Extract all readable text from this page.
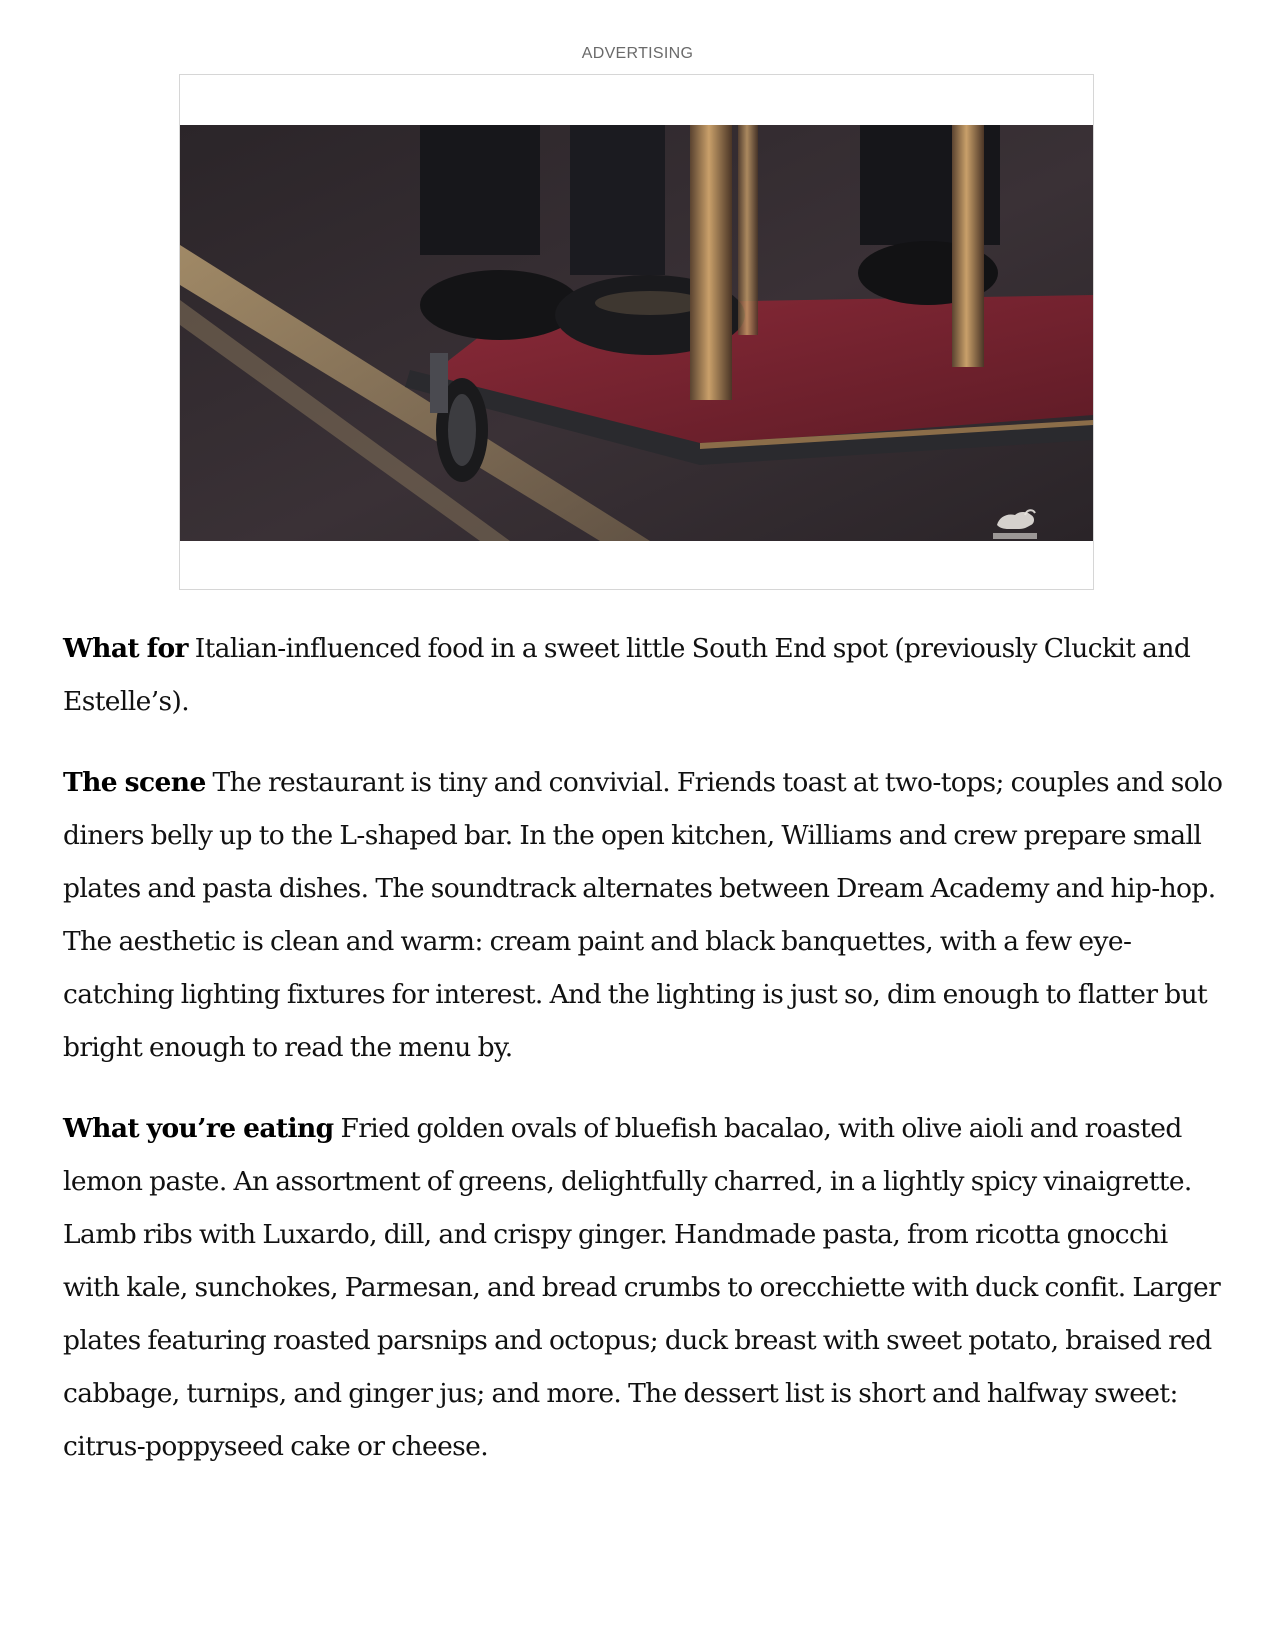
ADVERTISING

What for Italian-influenced food in a sweet little South End spot (previously Cluckit and Estelle’s).

The scene The restaurant is tiny and convivial. Friends toast at two-tops; couples and solo diners belly up to the L-shaped bar. In the open kitchen, Williams and crew prepare small plates and pasta dishes. The soundtrack alternates between Dream Academy and hip-hop. The aesthetic is clean and warm: cream paint and black banquettes, with a few eye-catching lighting fixtures for interest. And the lighting is just so, dim enough to flatter but bright enough to read the menu by.

What you’re eating Fried golden ovals of bluefish bacalao, with olive aioli and roasted lemon paste. An assortment of greens, delightfully charred, in a lightly spicy vinaigrette. Lamb ribs with Luxardo, dill, and crispy ginger. Handmade pasta, from ricotta gnocchi with kale, sunchokes, Parmesan, and bread crumbs to orecchiette with duck confit. Larger plates featuring roasted parsnips and octopus; duck breast with sweet potato, braised red cabbage, turnips, and ginger jus; and more. The dessert list is short and halfway sweet: citrus-poppyseed cake or cheese.
